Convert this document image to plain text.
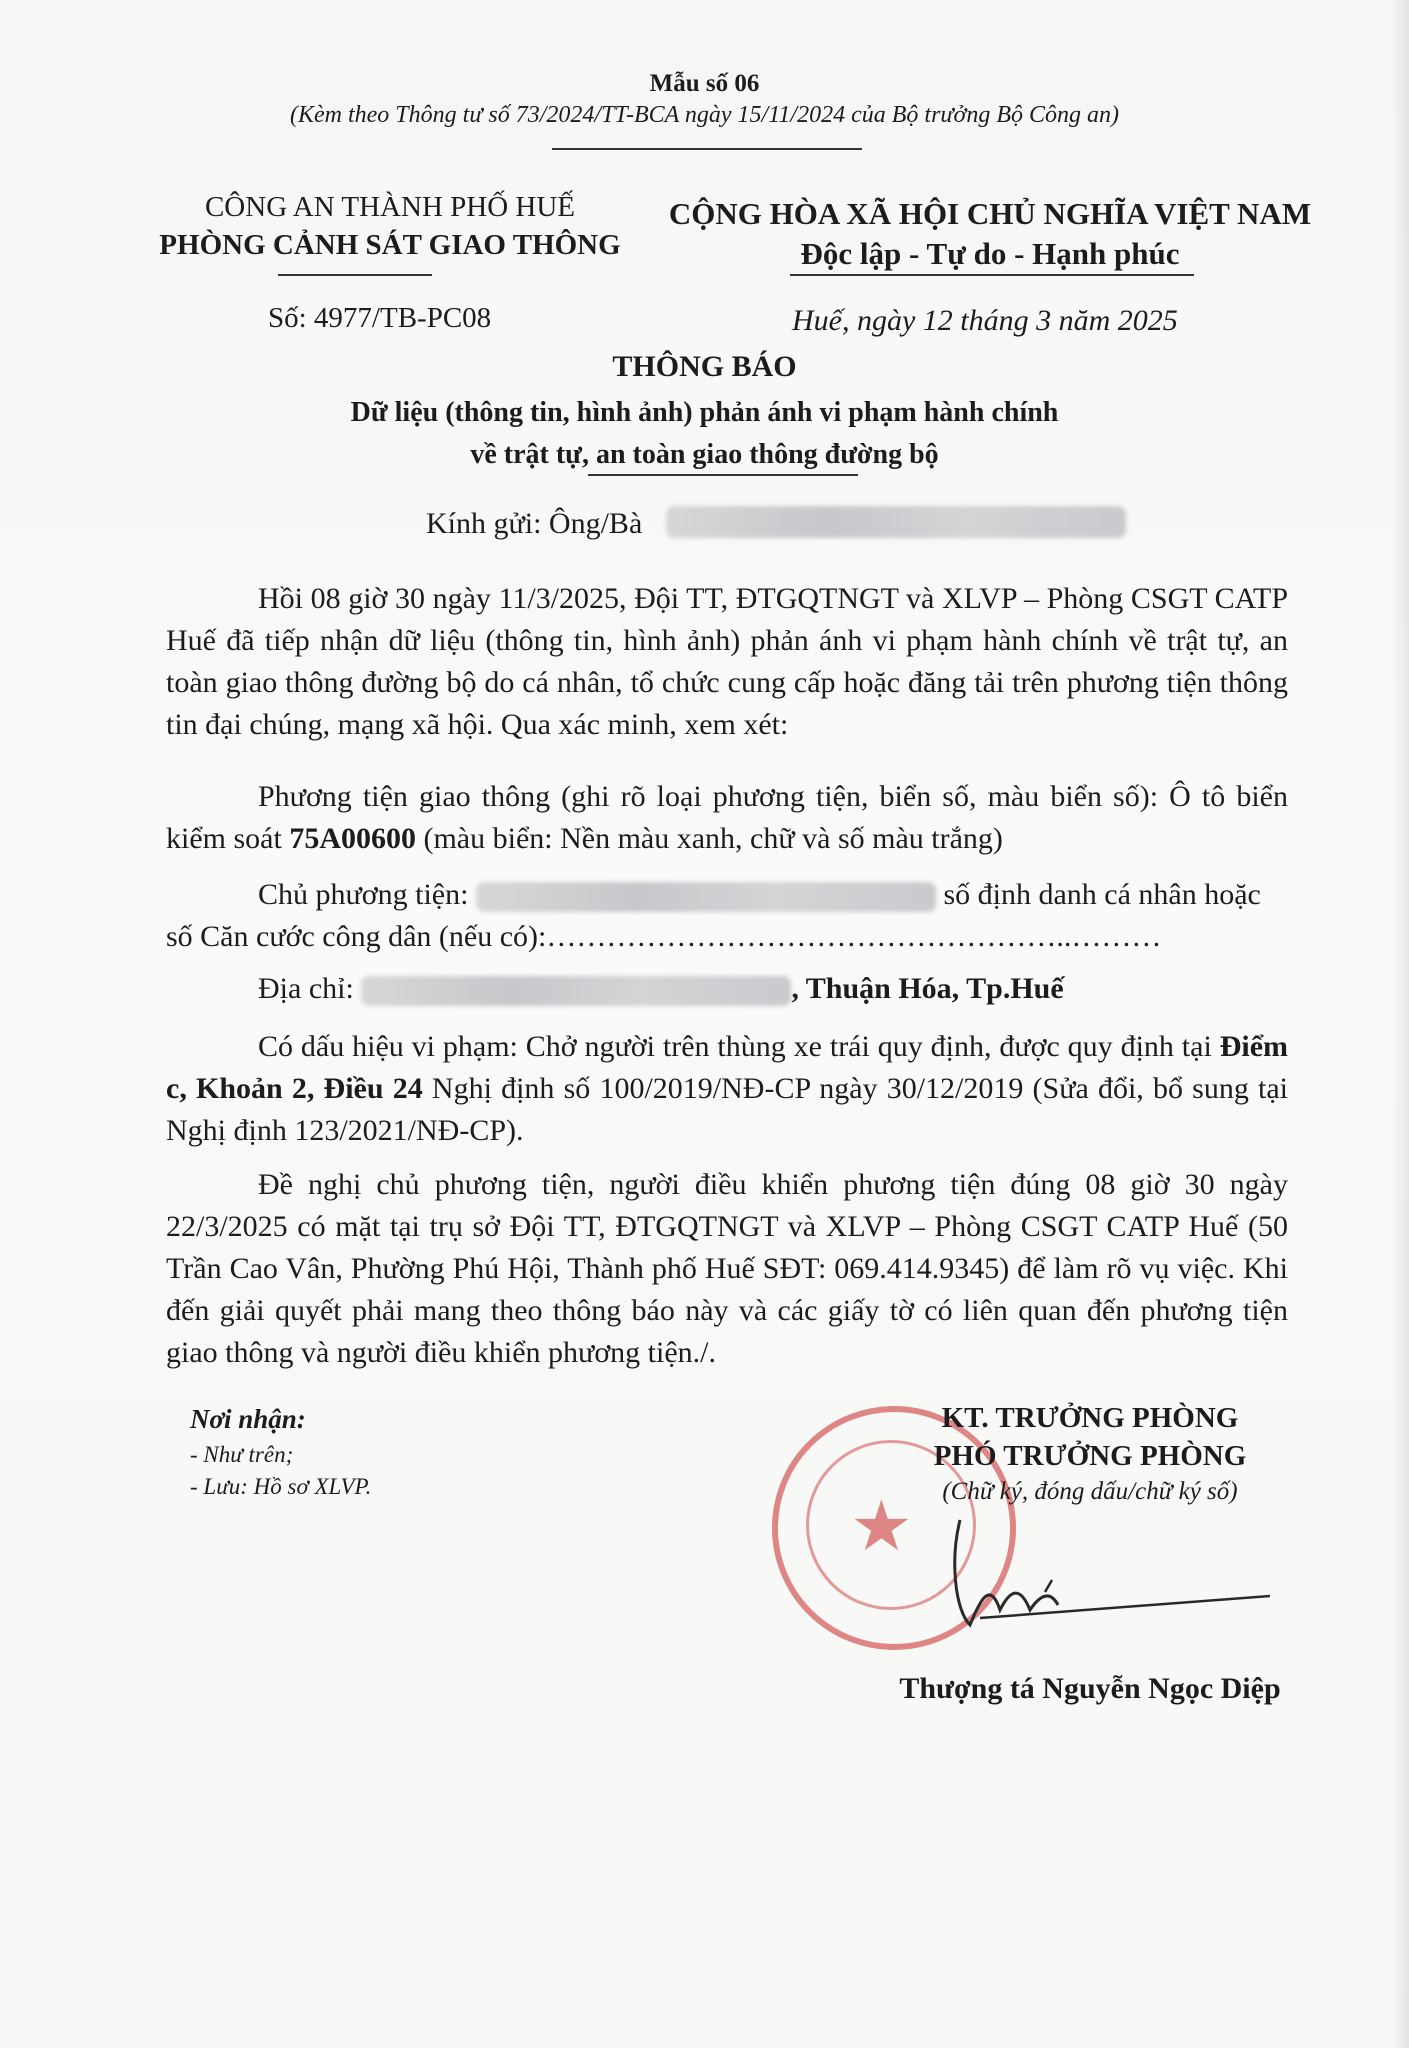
Mẫu số 06
(Kèm theo Thông tư số 73/2024/TT-BCA ngày 15/11/2024 của Bộ trưởng Bộ Công an)
CÔNG AN THÀNH PHỐ HUẾ
PHÒNG CẢNH SÁT GIAO THÔNG
CỘNG HÒA XÃ HỘI CHỦ NGHĨA VIỆT NAM
Độc lập - Tự do - Hạnh phúc
Số: 4977/TB-PC08	Huế, ngày 12 tháng 3 năm 2025
THÔNG BÁO
Dữ liệu (thông tin, hình ảnh) phản ánh vi phạm hành chính
về trật tự, an toàn giao thông đường bộ
Kính gửi: Ông/Bà
Hồi 08 giờ 30 ngày 11/3/2025, Đội TT, ĐTGQTNGT và XLVP – Phòng CSGT CATP Huế đã tiếp nhận dữ liệu (thông tin, hình ảnh) phản ánh vi phạm hành chính về trật tự, an toàn giao thông đường bộ do cá nhân, tổ chức cung cấp hoặc đăng tải trên phương tiện thông tin đại chúng, mạng xã hội. Qua xác minh, xem xét:
Phương tiện giao thông (ghi rõ loại phương tiện, biển số, màu biển số): Ô tô biển kiểm soát 75A00600 (màu biển: Nền màu xanh, chữ và số màu trắng)
Chủ phương tiện:	số định danh cá nhân hoặc
số Căn cước công dân (nếu có):……………………………………………..………
Địa chỉ:	, Thuận Hóa, Tp.Huế
Có dấu hiệu vi phạm: Chở người trên thùng xe trái quy định, được quy định tại Điểm c, Khoản 2, Điều 24 Nghị định số 100/2019/NĐ-CP ngày 30/12/2019 (Sửa đổi, bổ sung tại Nghị định 123/2021/NĐ-CP).
Đề nghị chủ phương tiện, người điều khiển phương tiện đúng 08 giờ 30 ngày 22/3/2025 có mặt tại trụ sở Đội TT, ĐTGQTNGT và XLVP – Phòng CSGT CATP Huế (50 Trần Cao Vân, Phường Phú Hội, Thành phố Huế SĐT: 069.414.9345) để làm rõ vụ việc. Khi đến giải quyết phải mang theo thông báo này và các giấy tờ có liên quan đến phương tiện giao thông và người điều khiển phương tiện./.
Nơi nhận:
- Như trên;
- Lưu: Hồ sơ XLVP.	★
KT. TRƯỞNG PHÒNG
PHÓ TRƯỞNG PHÒNG
(Chữ ký, đóng dấu/chữ ký số)
Thượng tá Nguyễn Ngọc Diệp
